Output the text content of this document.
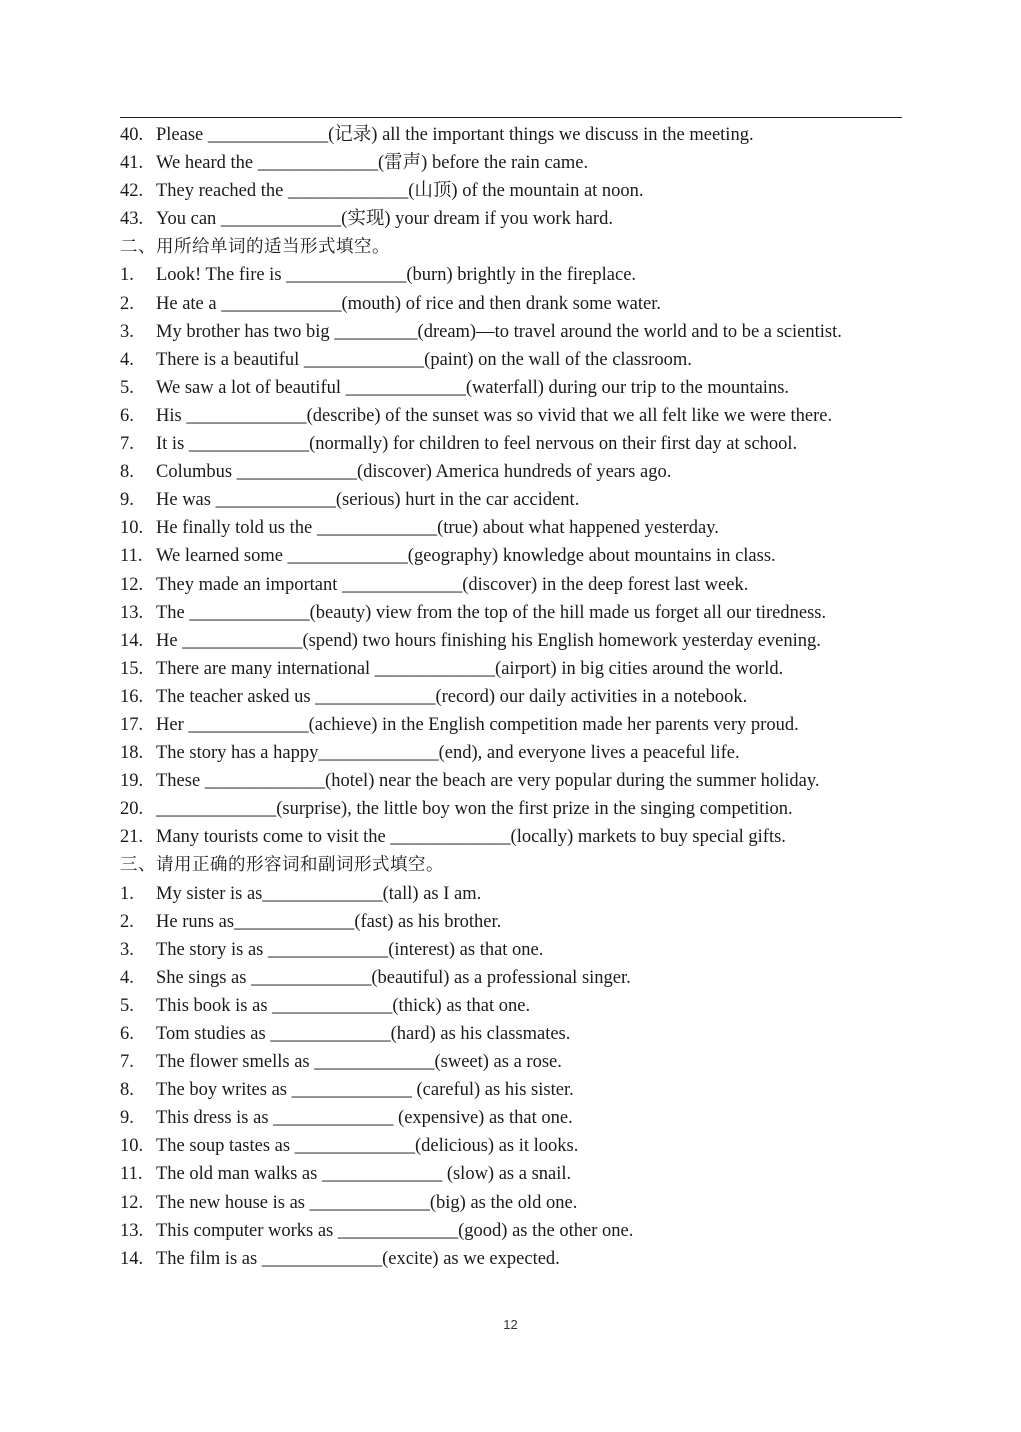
40. Please _____________(记录) all the important things we discuss in the meeting.
41. We heard the _____________(雷声) before the rain came.
42. They reached the _____________(山顶) of the mountain at noon.
43. You can _____________(实现) your dream if you work hard.
二、用所给单词的适当形式填空。
1. Look! The fire is _____________(burn) brightly in the fireplace.
2. He ate a _____________(mouth) of rice and then drank some water.
3. My brother has two big _________(dream)—to travel around the world and to be a scientist.
4. There is a beautiful _____________(paint) on the wall of the classroom.
5. We saw a lot of beautiful _____________(waterfall) during our trip to the mountains.
6. His _____________(describe) of the sunset was so vivid that we all felt like we were there.
7. It is _____________(normally) for children to feel nervous on their first day at school.
8. Columbus _____________(discover) America hundreds of years ago.
9. He was _____________(serious) hurt in the car accident.
10. He finally told us the _____________(true) about what happened yesterday.
11. We learned some _____________(geography) knowledge about mountains in class.
12. They made an important _____________(discover) in the deep forest last week.
13. The _____________(beauty) view from the top of the hill made us forget all our tiredness.
14. He _____________(spend) two hours finishing his English homework yesterday evening.
15. There are many international _____________(airport) in big cities around the world.
16. The teacher asked us _____________(record) our daily activities in a notebook.
17. Her _____________(achieve) in the English competition made her parents very proud.
18. The story has a happy_____________(end), and everyone lives a peaceful life.
19. These _____________(hotel) near the beach are very popular during the summer holiday.
20. _____________(surprise), the little boy won the first prize in the singing competition.
21. Many tourists come to visit the _____________(locally) markets to buy special gifts.
三、请用正确的形容词和副词形式填空。
1. My sister is as_____________(tall) as I am.
2. He runs as_____________(fast) as his brother.
3. The story is as _____________(interest) as that one.
4. She sings as _____________(beautiful) as a professional singer.
5. This book is as _____________(thick) as that one.
6. Tom studies as _____________(hard) as his classmates.
7. The flower smells as _____________(sweet) as a rose.
8. The boy writes as _____________ (careful) as his sister.
9. This dress is as _____________ (expensive) as that one.
10. The soup tastes as _____________(delicious) as it looks.
11. The old man walks as _____________ (slow) as a snail.
12. The new house is as _____________(big) as the old one.
13. This computer works as _____________(good) as the other one.
14. The film is as _____________(excite) as we expected.
12
